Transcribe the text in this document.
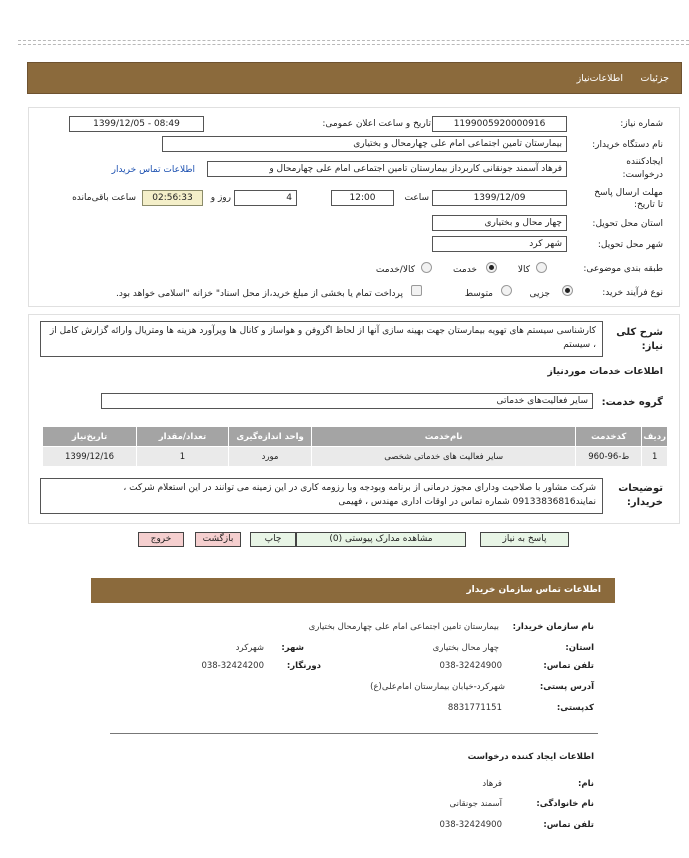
جزئیات
اطلاعات‌نیاز
شماره نیاز:
1199005920000916
تاریخ و ساعت اعلان عمومی:
1399/12/05 - 08:49
نام دستگاه خریدار:
بیمارستان تامین اجتماعی امام علی چهارمحال و بختیاری
ایجادکننده
درخواست:
فرهاد آسمند جونقانی کاربرداز بیمارستان تامین اجتماعی امام علی چهارمحال و
اطلاعات تماس خریدار
مهلت ارسال پاسخ
تا تاریخ:
1399/12/09
ساعت
12:00
4
روز و
02:56:33
ساعت باقی‌مانده
استان محل تحویل:
چهار محال و بختیاری
شهر محل تحویل:
شهر کرد
طبقه بندی موضوعی:
کالا
خدمت
کالا/خدمت
نوع فرآیند خرید:
جزیی
متوسط
پرداخت تمام یا بخشی از مبلغ خرید،از محل اسناد" خزانه "اسلامی خواهد بود.
شرح کلی
نیاز:
کارشناسی سیستم های تهویه بیمارستان جهت بهینه سازی آنها از لحاظ اگزوفن و هواساز و کانال ها ویرآورد هزینه ها ومتریال وارائه گزارش کامل از ، سیستم
اطلاعات خدمات موردنیاز
گروه خدمت:
سایر فعالیت‌های خدماتی
ردیف	کدخدمت	نام‌خدمت	واحد اندازه‌گیری	تعداد/مقدار	تاریخ‌نیاز
1	ط-96-960	سایر فعالیت های خدماتی شخصی	مورد	1	1399/12/16
توضیحات
خریدار:
شرکت مشاور با صلاحیت ودارای مجوز درمانی از برنامه وبودجه وبا رزومه کاری در این زمینه می توانند در این استعلام شرکت ، نمایند09133836816 شماره تماس در اوقات اداری مهندس ، فهیمی
پاسخ به نیاز
مشاهده مدارک پیوستی (0)
چاپ
بازگشت
خروج
اطلاعات تماس سازمان خریدار
نام سازمان خریدار:
بیمارستان تامین اجتماعی امام علی چهارمحال بختیاری
استان:
چهار محال بختیاری
شهر:
شهرکرد
تلفن تماس:
038-32424900
دورنگار:
038-32424200
آدرس پستی:
شهرکرد-خیابان بیمارستان امام‌علی(ع)
کدپستی:
8831771151
اطلاعات ایجاد کننده درخواست
نام:
فرهاد
نام خانوادگی:
آسمند جونقانی
تلفن تماس:
038-32424900
